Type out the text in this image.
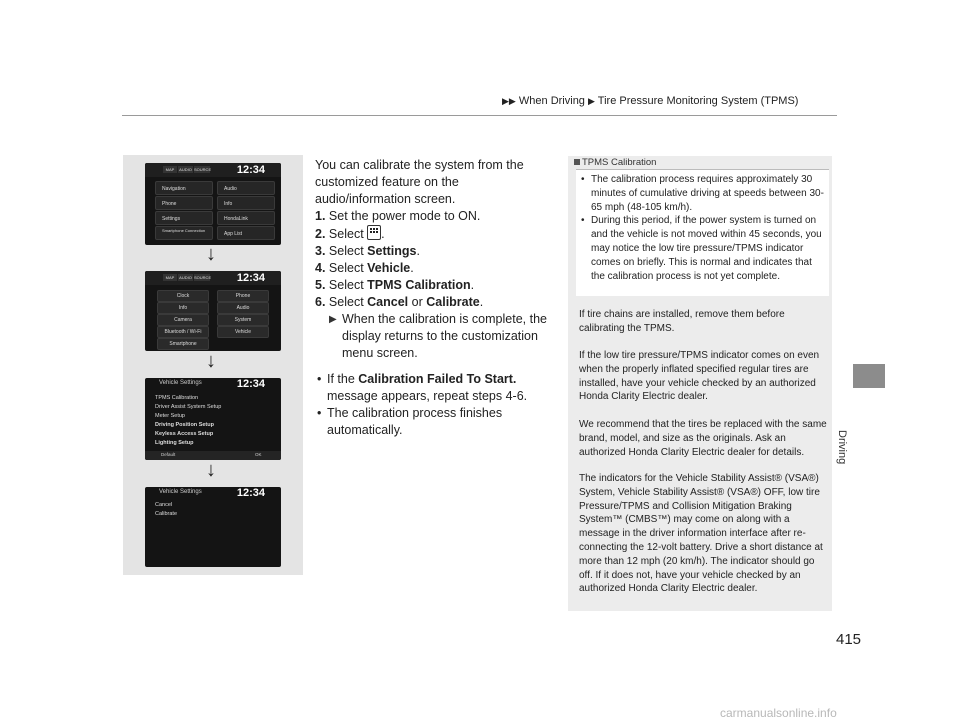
▶▶ When Driving ▶ Tire Pressure Monitoring System (TPMS)
Driving
MAP	AUDIO SOURCE 12:34
Navigation	Audio
Phone	Info
Settings	HondaLink
Smartphone Connection
App List
↓
MAP	AUDIO SOURCE 12:34
Clock	Phone
Info	Audio
Camera	System
Bluetooth / Wi-Fi	Vehicle
Smartphone
↓
Vehicle Settings	12:34
TPMS Calibration
Driver Assist System Setup
Meter Setup
Driving Position Setup
Keyless Access Setup
Lighting Setup
Default	OK
↓
Vehicle Settings	12:34
Cancel
Calibrate

You can calibrate the system from the customized feature on the audio/information screen.

1. Set the power mode to ON.

2. Select .

3. Select Settings.

4. Select Vehicle.

5. Select TPMS Calibration.

6. Select Cancel or Calibrate.

▶ When the calibration is complete, the display returns to the customization menu screen.

• If the Calibration Failed To Start.
message appears, repeat steps 4-6.

• The calibration process finishes automatically.

TPMS Calibration
• The calibration process requires approximately 30 minutes of cumulative driving at speeds between 30-65 mph (48-105 km/h).
• During this period, if the power system is turned on and the vehicle is not moved within 45 seconds, you may notice the low tire pressure/TPMS indicator comes on briefly. This is normal and indicates that the calibration process is not yet complete.
If tire chains are installed, remove them before calibrating the TPMS.
If the low tire pressure/TPMS indicator comes on even when the properly inflated specified regular tires are installed, have your vehicle checked by an authorized Honda Clarity Electric dealer.
We recommend that the tires be replaced with the same brand, model, and size as the originals. Ask an authorized Honda Clarity Electric dealer for details.
The indicators for the Vehicle Stability Assist® (VSA®) System, Vehicle Stability Assist® (VSA®) OFF, low tire Pressure/TPMS and Collision Mitigation Braking System™ (CMBS™) may come on along with a message in the driver information interface after re-connecting the 12-volt battery. Drive a short distance at more than 12 mph (20 km/h). The indicator should go off. If it does not, have your vehicle checked by an authorized Honda Clarity Electric dealer.
415
carmanualsonline.info
